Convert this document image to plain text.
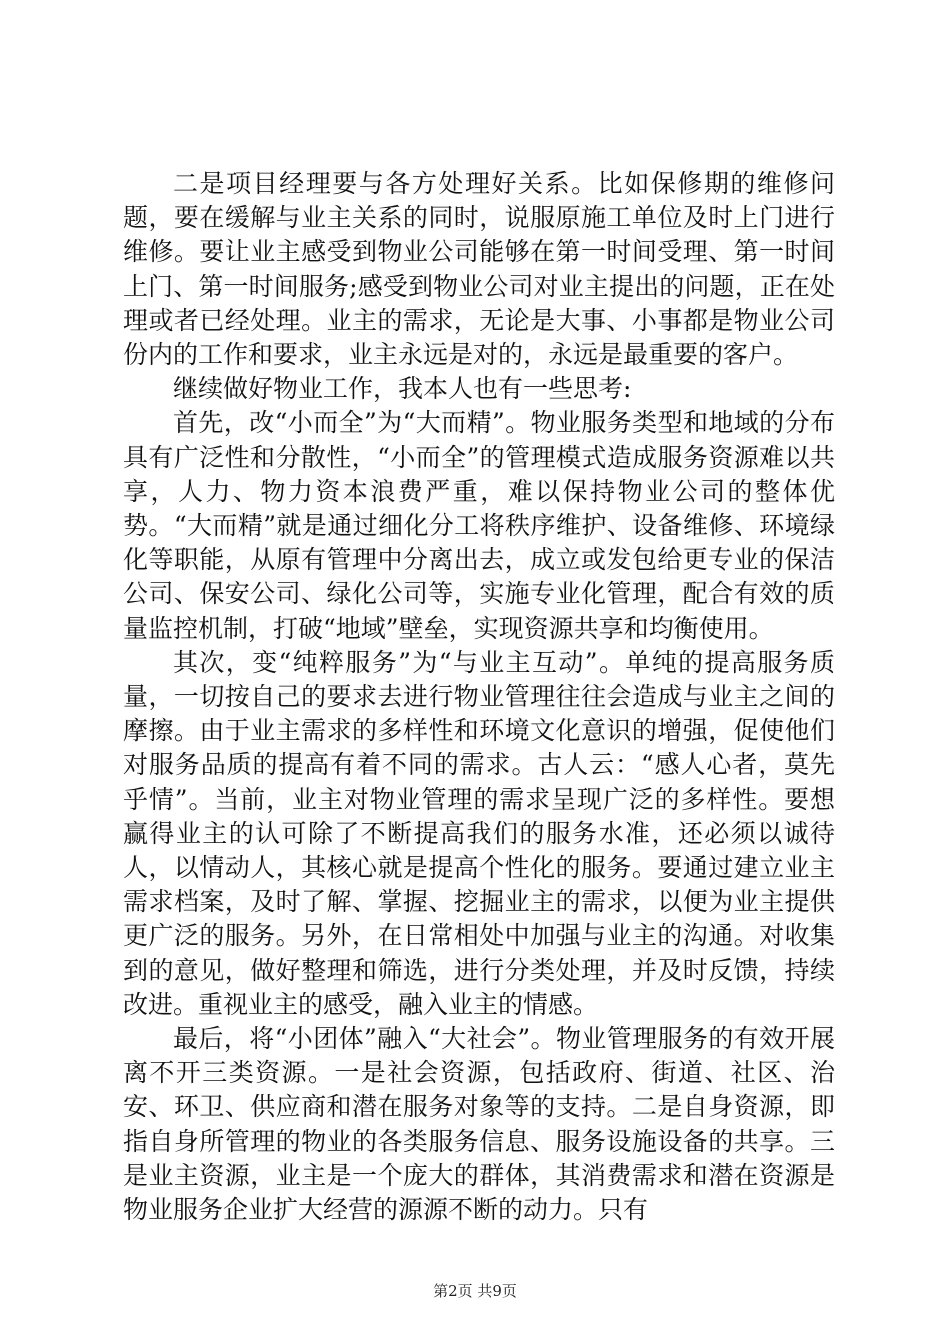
二是项目经理要与各方处理好关系。比如保修期的维修问题，要在缓解与业主关系的同时，说服原施工单位及时上门进行维修。要让业主感受到物业公司能够在第一时间受理、第一时间上门、第一时间服务;感受到物业公司对业主提出的问题，正在处理或者已经处理。业主的需求，无论是大事、小事都是物业公司份内的工作和要求，业主永远是对的，永远是最重要的客户。

继续做好物业工作，我本人也有一些思考:

首先，改“小而全”为“大而精”。物业服务类型和地域的分布具有广泛性和分散性，“小而全”的管理模式造成服务资源难以共享，人力、物力资本浪费严重，难以保持物业公司的整体优势。“大而精”就是通过细化分工将秩序维护、设备维修、环境绿化等职能，从原有管理中分离出去，成立或发包给更专业的保洁公司、保安公司、绿化公司等，实施专业化管理，配合有效的质量监控机制，打破“地域”壁垒，实现资源共享和均衡使用。

其次，变“纯粹服务”为“与业主互动”。单纯的提高服务质量，一切按自己的要求去进行物业管理往往会造成与业主之间的摩擦。由于业主需求的多样性和环境文化意识的增强，促使他们对服务品质的提高有着不同的需求。古人云：“感人心者，莫先乎情”。当前，业主对物业管理的需求呈现广泛的多样性。要想赢得业主的认可除了不断提高我们的服务水准，还必须以诚待人，以情动人，其核心就是提高个性化的服务。要通过建立业主需求档案，及时了解、掌握、挖掘业主的需求，以便为业主提供更广泛的服务。另外，在日常相处中加强与业主的沟通。对收集到的意见，做好整理和筛选，进行分类处理，并及时反馈，持续改进。重视业主的感受，融入业主的情感。

最后，将“小团体”融入“大社会”。物业管理服务的有效开展离不开三类资源。一是社会资源，包括政府、街道、社区、治安、环卫、供应商和潜在服务对象等的支持。二是自身资源，即指自身所管理的物业的各类服务信息、服务设施设备的共享。三是业主资源，业主是一个庞大的群体，其消费需求和潜在资源是物业服务企业扩大经营的源源不断的动力。只有

第2页 共9页
